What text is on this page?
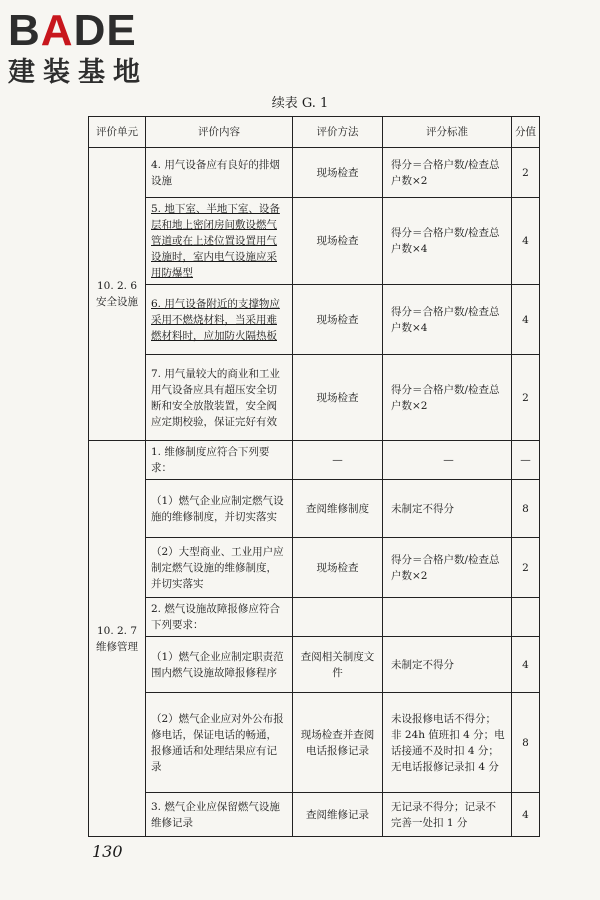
BADE
建装基地
续表 G. 1
评价单元	评价内容	评价方法	评分标准	分值

10. 2. 6
安全设施	4. 用气设备应有良好的排烟设施	现场检查	得分＝合格户数/检查总户数×2	2
	5. 地下室、半地下室、设备层和地上密闭房间敷设燃气管道或在上述位置设置用气设施时，室内电气设施应采用防爆型	现场检查	得分＝合格户数/检查总户数×4	4
	6. 用气设备附近的支撑物应采用不燃烧材料，当采用难燃材料时，应加防火隔热板	现场检查	得分＝合格户数/检查总户数×4	4
	7. 用气量较大的商业和工业用气设备应具有超压安全切断和安全放散装置，安全阀应定期校验，保证完好有效	现场检查	得分＝合格户数/检查总户数×2	2

10. 2. 7
维修管理	1. 维修制度应符合下列要求：	—	—	—
	（1）燃气企业应制定燃气设施的维修制度，并切实落实	查阅维修制度	未制定不得分	8
	（2）大型商业、工业用户应制定燃气设施的维修制度，并切实落实	现场检查	得分＝合格户数/检查总户数×2	2
	2. 燃气设施故障报修应符合下列要求：			
	（1）燃气企业应制定职责范围内燃气设施故障报修程序	查阅相关制度文件	未制定不得分	4
	（2）燃气企业应对外公布报修电话，保证电话的畅通，报修通话和处理结果应有记录	现场检查并查阅电话报修记录	未设报修电话不得分；非 24h 值班扣 4 分；电话接通不及时扣 4 分；无电话报修记录扣 4 分	8
	3. 燃气企业应保留燃气设施维修记录	查阅维修记录	无记录不得分；记录不完善一处扣 1 分	4
130
